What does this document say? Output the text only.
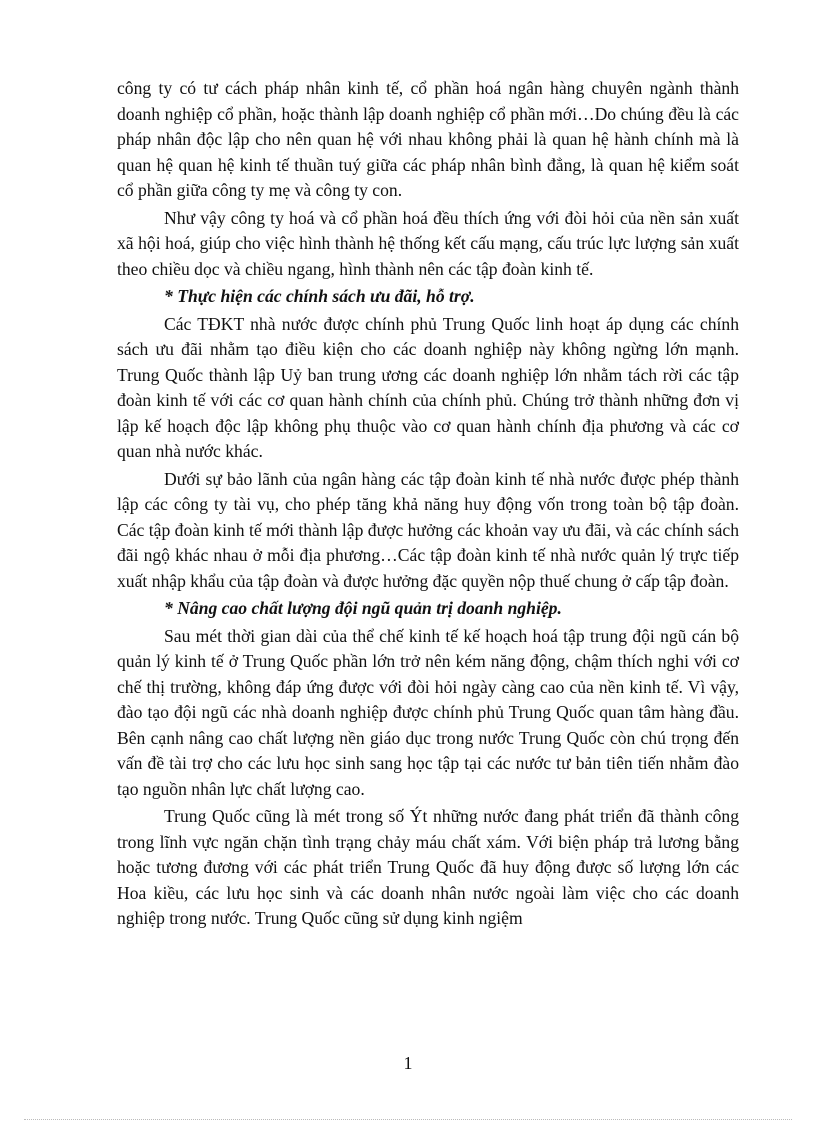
công ty có tư cách pháp nhân kinh tế, cổ phần hoá ngân hàng chuyên ngành thành doanh nghiệp cổ phần, hoặc thành lập doanh nghiệp cổ phần mới…Do chúng đều là các pháp nhân độc lập cho nên quan hệ với nhau không phải là quan hệ hành chính mà là quan hệ quan hệ kinh tế thuần tuý giữa các pháp nhân bình đẳng, là quan hệ kiểm soát cổ phần giữa công ty mẹ và công ty con.

Như vậy công ty hoá và cổ phần hoá đều thích ứng với đòi hỏi của nền sản xuất xã hội hoá, giúp cho việc hình thành hệ thống kết cấu mạng, cấu trúc lực lượng sản xuất theo chiều dọc và chiều ngang, hình thành nên các tập đoàn kinh tế.

* Thực hiện các chính sách ưu đãi, hỗ trợ.

Các TĐKT nhà nước được chính phủ Trung Quốc linh hoạt áp dụng các chính sách ưu đãi nhằm tạo điều kiện cho các doanh nghiệp này không ngừng lớn mạnh. Trung Quốc thành lập Uỷ ban trung ương các doanh nghiệp lớn nhằm tách rời các tập đoàn kinh tế với các cơ quan hành chính của chính phủ. Chúng trở thành những đơn vị lập kế hoạch độc lập không phụ thuộc vào cơ quan hành chính địa phương và các cơ quan nhà nước khác.

Dưới sự bảo lãnh của ngân hàng các tập đoàn kinh tế nhà nước được phép thành lập các công ty tài vụ, cho phép tăng khả năng huy động vốn trong toàn bộ tập đoàn. Các tập đoàn kinh tế mới thành lập được hưởng các khoản vay ưu đãi, và các chính sách đãi ngộ khác nhau ở mỗi địa phương…Các tập đoàn kinh tế nhà nước quản lý trực tiếp xuất nhập khẩu của tập đoàn và được hưởng đặc quyền nộp thuế chung ở cấp tập đoàn.

* Nâng cao chất lượng đội ngũ quản trị doanh nghiệp.

Sau mét thời gian dài của thể chế kinh tế kế hoạch hoá tập trung đội ngũ cán bộ quản lý kinh tế ở Trung Quốc phần lớn trở nên kém năng động, chậm thích nghi với cơ chế thị trường, không đáp ứng được với đòi hỏi ngày càng cao của nền kinh tế. Vì vậy, đào tạo đội ngũ các nhà doanh nghiệp được chính phủ Trung Quốc quan tâm hàng đầu. Bên cạnh nâng cao chất lượng nền giáo dục trong nước Trung Quốc còn chú trọng đến vấn đề tài trợ cho các lưu học sinh sang học tập tại các nước tư bản tiên tiến nhằm đào tạo nguồn nhân lực chất lượng cao.

Trung Quốc cũng là mét trong số Ýt những nước đang phát triển đã thành công trong lĩnh vực ngăn chặn tình trạng chảy máu chất xám. Với biện pháp trả lương bằng hoặc tương đương với các phát triển Trung Quốc đã huy động được số lượng lớn các Hoa kiều, các lưu học sinh và các doanh nhân nước ngoài làm việc cho các doanh nghiệp trong nước. Trung Quốc cũng sử dụng kinh ngiệm

1
